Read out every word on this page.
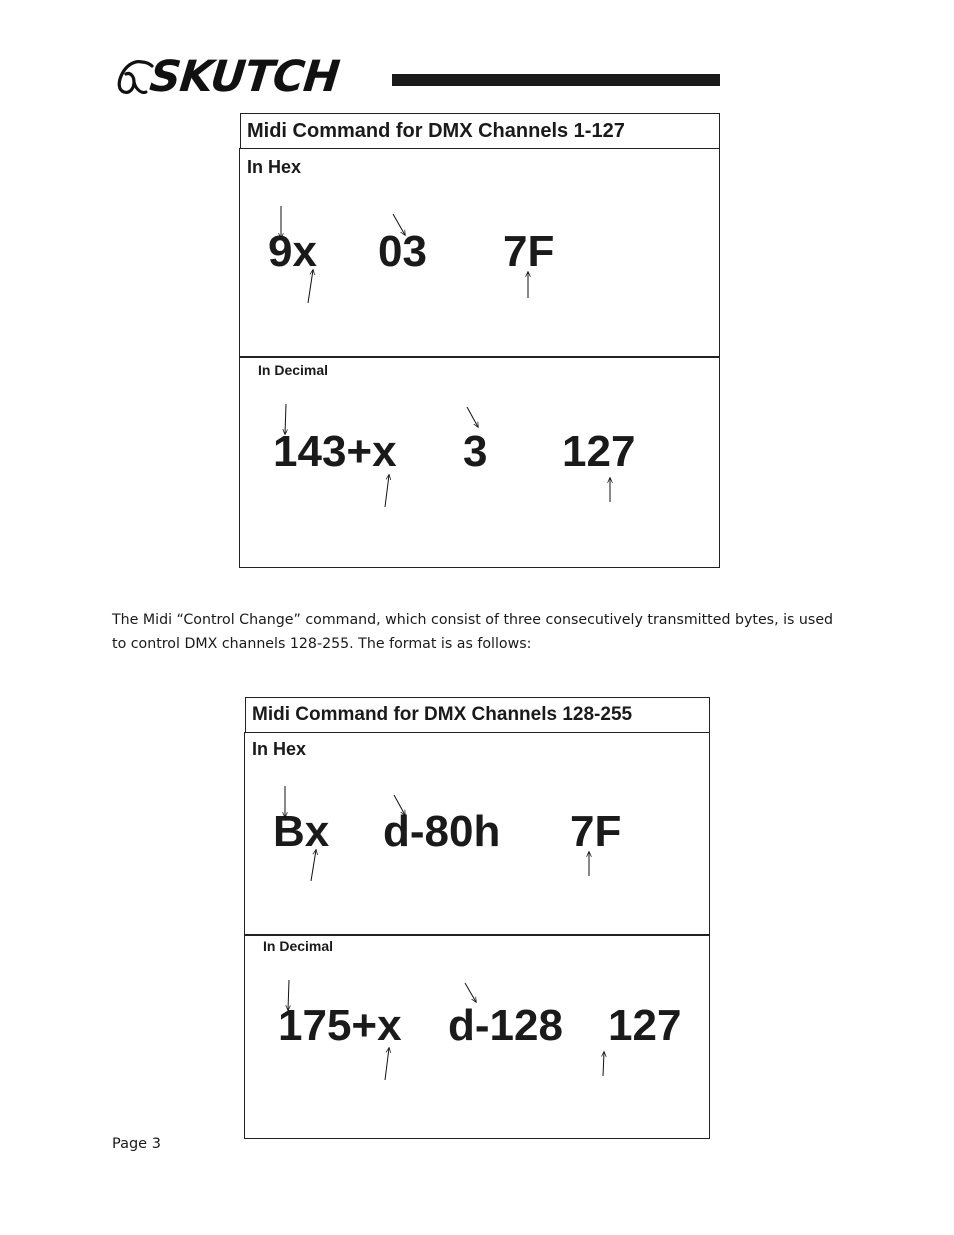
SKUTCH
Midi Command for DMX Channels 1-127
In Hex
9x 03 7F
In Decimal
143+x 3 127
The Midi “Control Change” command, which consist of three consecutively transmitted bytes, is used to control DMX channels 128-255. The format is as follows:
Midi Command for DMX Channels 128-255
In Hex
Bx d-80h 7F
In Decimal
175+x d-128 127
Page 3
